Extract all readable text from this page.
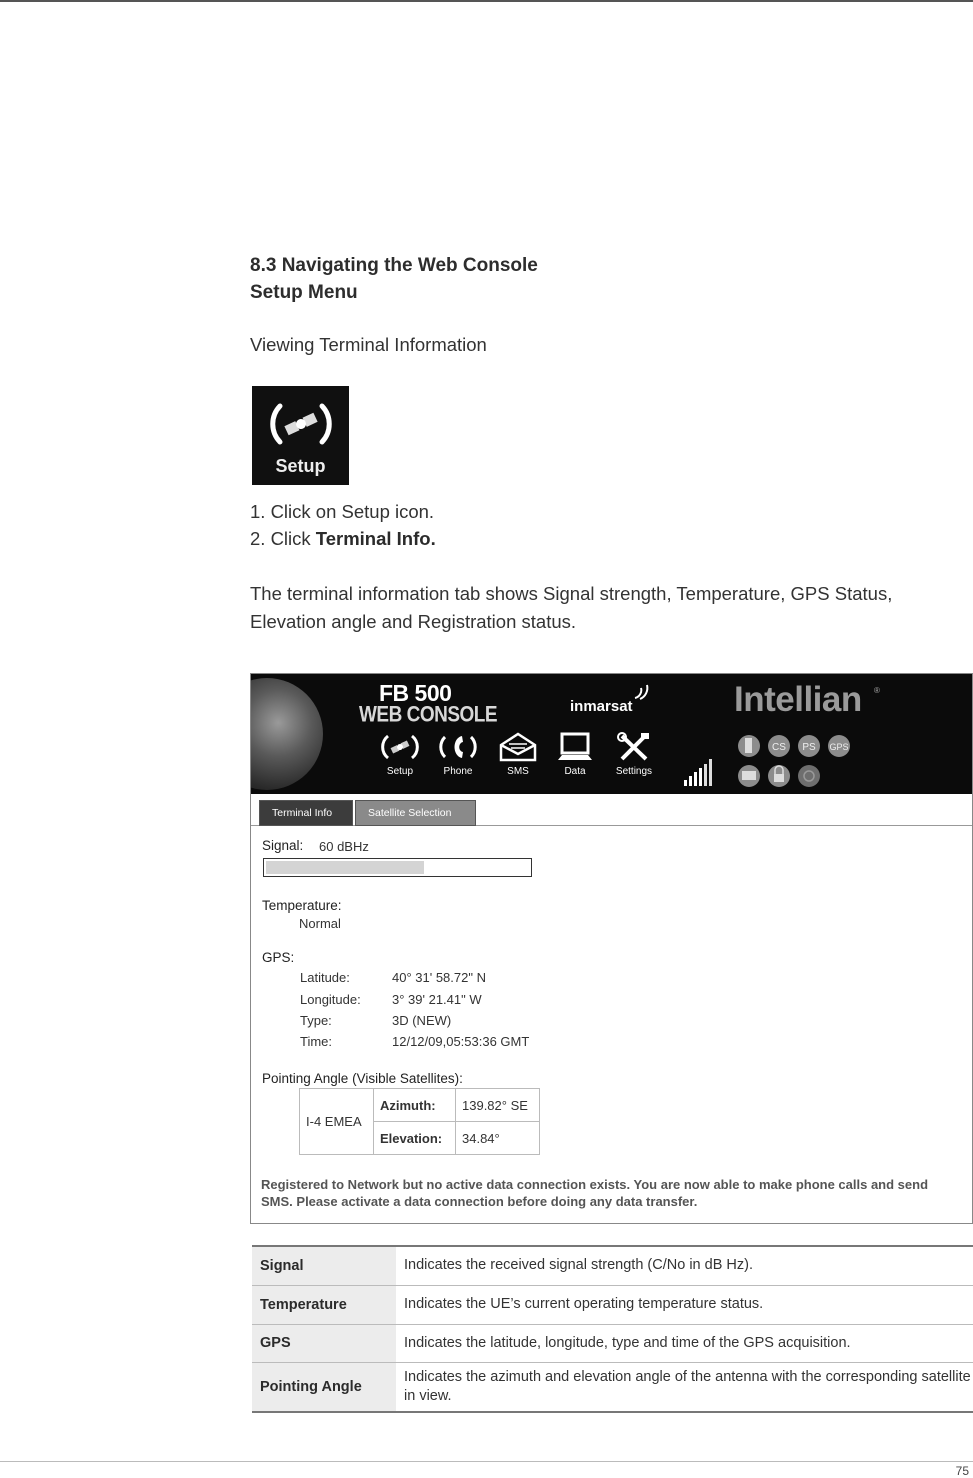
8.3 Navigating the Web Console
Setup Menu
Viewing Terminal Information
Setup
1. Click on Setup icon.
2. Click Terminal Info.
The terminal information tab shows Signal strength, Temperature, GPS Status, Elevation angle and Registration status.
FB 500
WEB CONSOLE	inmarsat	Intellian ®
Setup	Phone	SMS	Data	Settings
CS PS GPS
Terminal Info	Satellite Selection
Signal: 60 dBHz
Temperature:
Normal
GPS:
Latitude:	40° 31' 58.72" N
Longitude: 3° 39' 21.41" W
Type:	3D (NEW)
Time:	12/12/09,05:53:36 GMT
Pointing Angle (Visible Satellites):
I-4 EMEA	Azimuth:	139.82° SE
	Elevation:	34.84°
Registered to Network but no active data connection exists. You are now able to make phone calls and send SMS. Please activate a data connection before doing any data transfer.
Signal	Indicates the received signal strength (C/No in dB Hz).
Temperature	Indicates the UE’s current operating temperature status.
GPS	Indicates the latitude, longitude, type and time of the GPS acquisition.
Pointing Angle	Indicates the azimuth and elevation angle of the antenna with the corresponding satellite in view.
75
